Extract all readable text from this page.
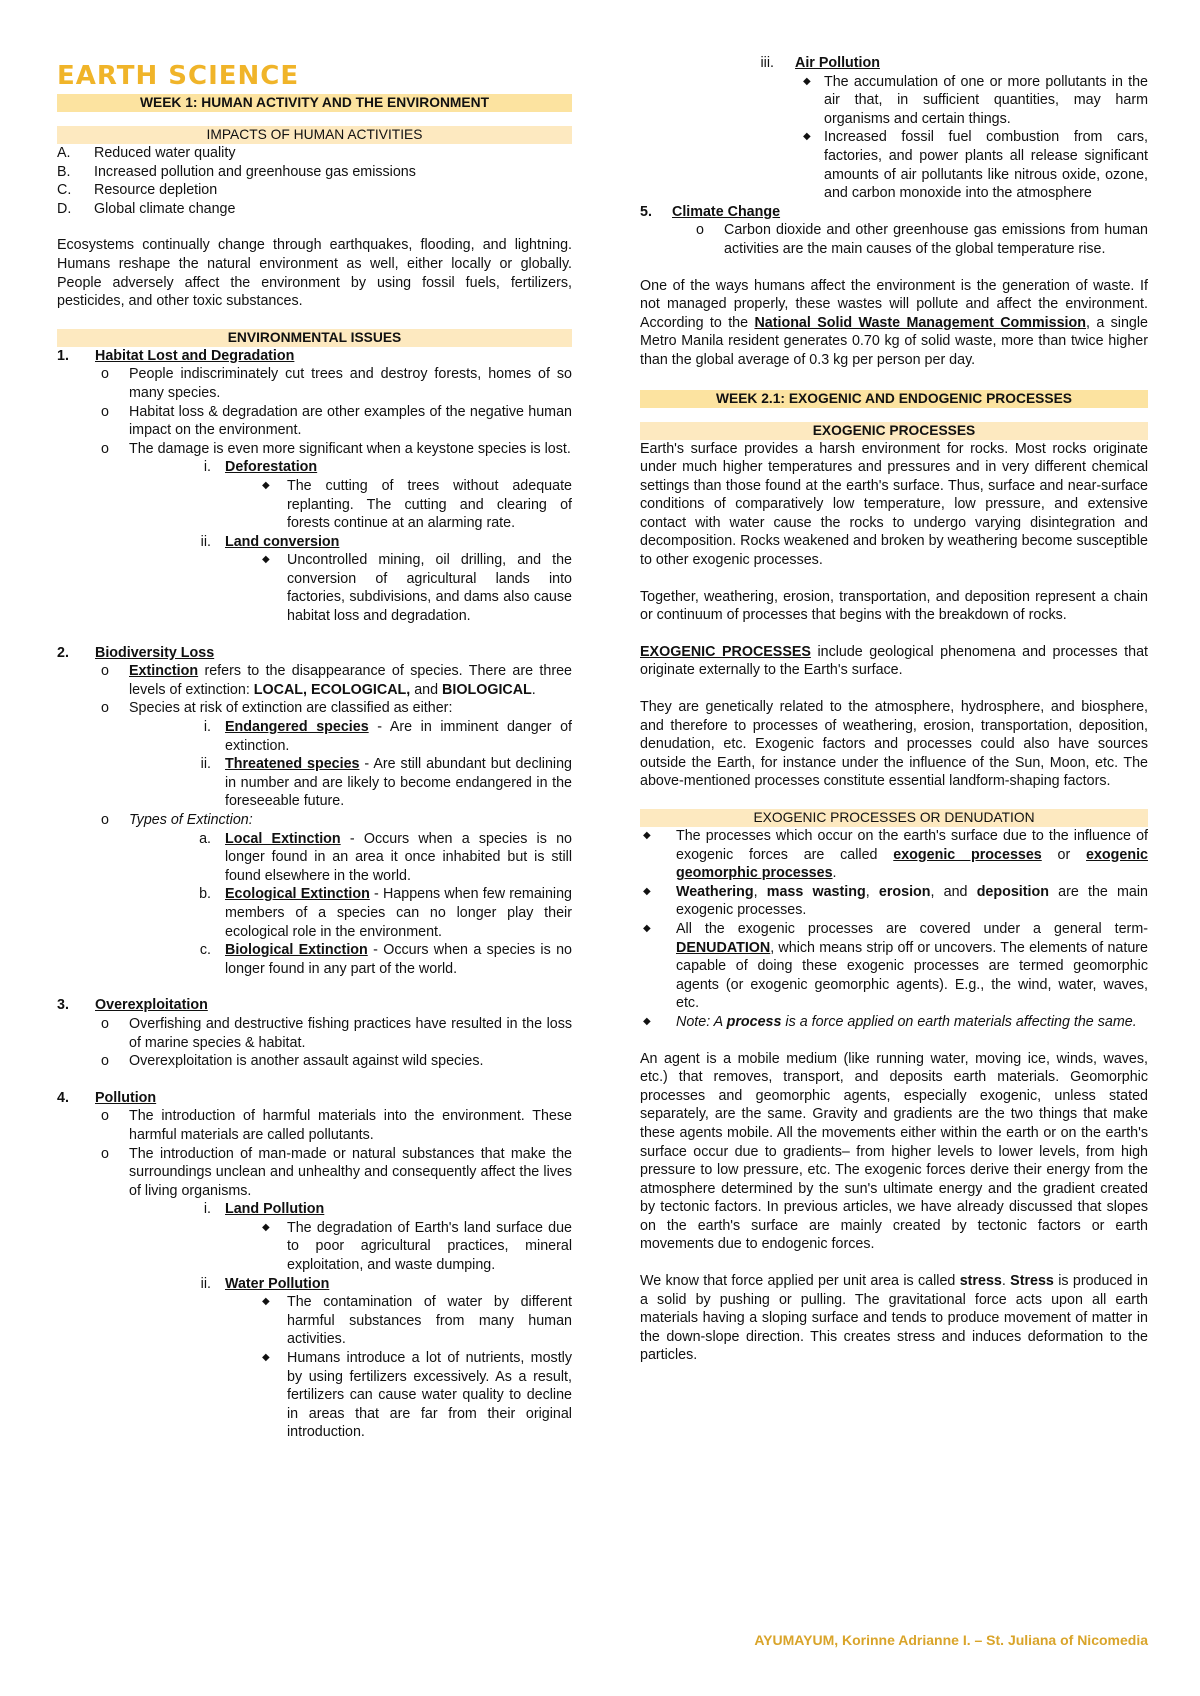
EARTH SCIENCE
WEEK 1: HUMAN ACTIVITY AND THE ENVIRONMENT
IMPACTS OF HUMAN ACTIVITIES
A. Reduced water quality
B. Increased pollution and greenhouse gas emissions
C. Resource depletion
D. Global climate change

Ecosystems continually change through earthquakes, flooding, and lightning. Humans reshape the natural environment as well, either locally or globally. People adversely affect the environment by using fossil fuels, fertilizers, pesticides, and other toxic substances.

ENVIRONMENTAL ISSUES
1. Habitat Lost and Degradation
o People indiscriminately cut trees and destroy forests, homes of so many species.
o Habitat loss & degradation are other examples of the negative human impact on the environment.
o The damage is even more significant when a keystone species is lost.
i. Deforestation
◆ The cutting of trees without adequate replanting. The cutting and clearing of forests continue at an alarming rate.
ii. Land conversion
◆ Uncontrolled mining, oil drilling, and the conversion of agricultural lands into factories, subdivisions, and dams also cause habitat loss and degradation.
2. Biodiversity Loss
o Extinction refers to the disappearance of species. There are three levels of extinction: LOCAL, ECOLOGICAL, and BIOLOGICAL.
o Species at risk of extinction are classified as either:
i. Endangered species - Are in imminent danger of extinction.
ii. Threatened species - Are still abundant but declining in number and are likely to become endangered in the foreseeable future.
o Types of Extinction:
a. Local Extinction - Occurs when a species is no longer found in an area it once inhabited but is still found elsewhere in the world.
b. Ecological Extinction - Happens when few remaining members of a species can no longer play their ecological role in the environment.
c. Biological Extinction - Occurs when a species is no longer found in any part of the world.
3. Overexploitation
o Overfishing and destructive fishing practices have resulted in the loss of marine species & habitat.
o Overexploitation is another assault against wild species.
4. Pollution
o The introduction of harmful materials into the environment. These harmful materials are called pollutants.
o The introduction of man-made or natural substances that make the surroundings unclean and unhealthy and consequently affect the lives of living organisms.
i. Land Pollution
◆ The degradation of Earth's land surface due to poor agricultural practices, mineral exploitation, and waste dumping.
ii. Water Pollution
◆ The contamination of water by different harmful substances from many human activities.
◆ Humans introduce a lot of nutrients, mostly by using fertilizers excessively. As a result, fertilizers can cause water quality to decline in areas that are far from their original introduction.
iii. Air Pollution
◆ The accumulation of one or more pollutants in the air that, in sufficient quantities, may harm organisms and certain things.
◆ Increased fossil fuel combustion from cars, factories, and power plants all release significant amounts of air pollutants like nitrous oxide, ozone, and carbon monoxide into the atmosphere
5. Climate Change
o Carbon dioxide and other greenhouse gas emissions from human activities are the main causes of the global temperature rise.

One of the ways humans affect the environment is the generation of waste. If not managed properly, these wastes will pollute and affect the environment. According to the National Solid Waste Management Commission, a single Metro Manila resident generates 0.70 kg of solid waste, more than twice higher than the global average of 0.3 kg per person per day.

WEEK 2.1: EXOGENIC AND ENDOGENIC PROCESSES
EXOGENIC PROCESSES

Earth's surface provides a harsh environment for rocks. Most rocks originate under much higher temperatures and pressures and in very different chemical settings than those found at the earth's surface. Thus, surface and near-surface conditions of comparatively low temperature, low pressure, and extensive contact with water cause the rocks to undergo varying disintegration and decomposition. Rocks weakened and broken by weathering become susceptible to other exogenic processes.

Together, weathering, erosion, transportation, and deposition represent a chain or continuum of processes that begins with the breakdown of rocks.

EXOGENIC PROCESSES include geological phenomena and processes that originate externally to the Earth's surface.

They are genetically related to the atmosphere, hydrosphere, and biosphere, and therefore to processes of weathering, erosion, transportation, deposition, denudation, etc. Exogenic factors and processes could also have sources outside the Earth, for instance under the influence of the Sun, Moon, etc. The above-mentioned processes constitute essential landform-shaping factors.

EXOGENIC PROCESSES OR DENUDATION
◆ The processes which occur on the earth's surface due to the influence of exogenic forces are called exogenic processes or exogenic geomorphic processes.
◆ Weathering, mass wasting, erosion, and deposition are the main exogenic processes.
◆ All the exogenic processes are covered under a general term- DENUDATION, which means strip off or uncovers. The elements of nature capable of doing these exogenic processes are termed geomorphic agents (or exogenic geomorphic agents). E.g., the wind, water, waves, etc.
◆ Note: A process is a force applied on earth materials affecting the same.

An agent is a mobile medium (like running water, moving ice, winds, waves, etc.) that removes, transport, and deposits earth materials. Geomorphic processes and geomorphic agents, especially exogenic, unless stated separately, are the same. Gravity and gradients are the two things that make these agents mobile. All the movements either within the earth or on the earth's surface occur due to gradients– from higher levels to lower levels, from high pressure to low pressure, etc. The exogenic forces derive their energy from the atmosphere determined by the sun's ultimate energy and the gradient created by tectonic factors. In previous articles, we have already discussed that slopes on the earth's surface are mainly created by tectonic factors or earth movements due to endogenic forces.

We know that force applied per unit area is called stress. Stress is produced in a solid by pushing or pulling. The gravitational force acts upon all earth materials having a sloping surface and tends to produce movement of matter in the down-slope direction. This creates stress and induces deformation to the particles.

AYUMAYUM, Korinne Adrianne I. – St. Juliana of Nicomedia
